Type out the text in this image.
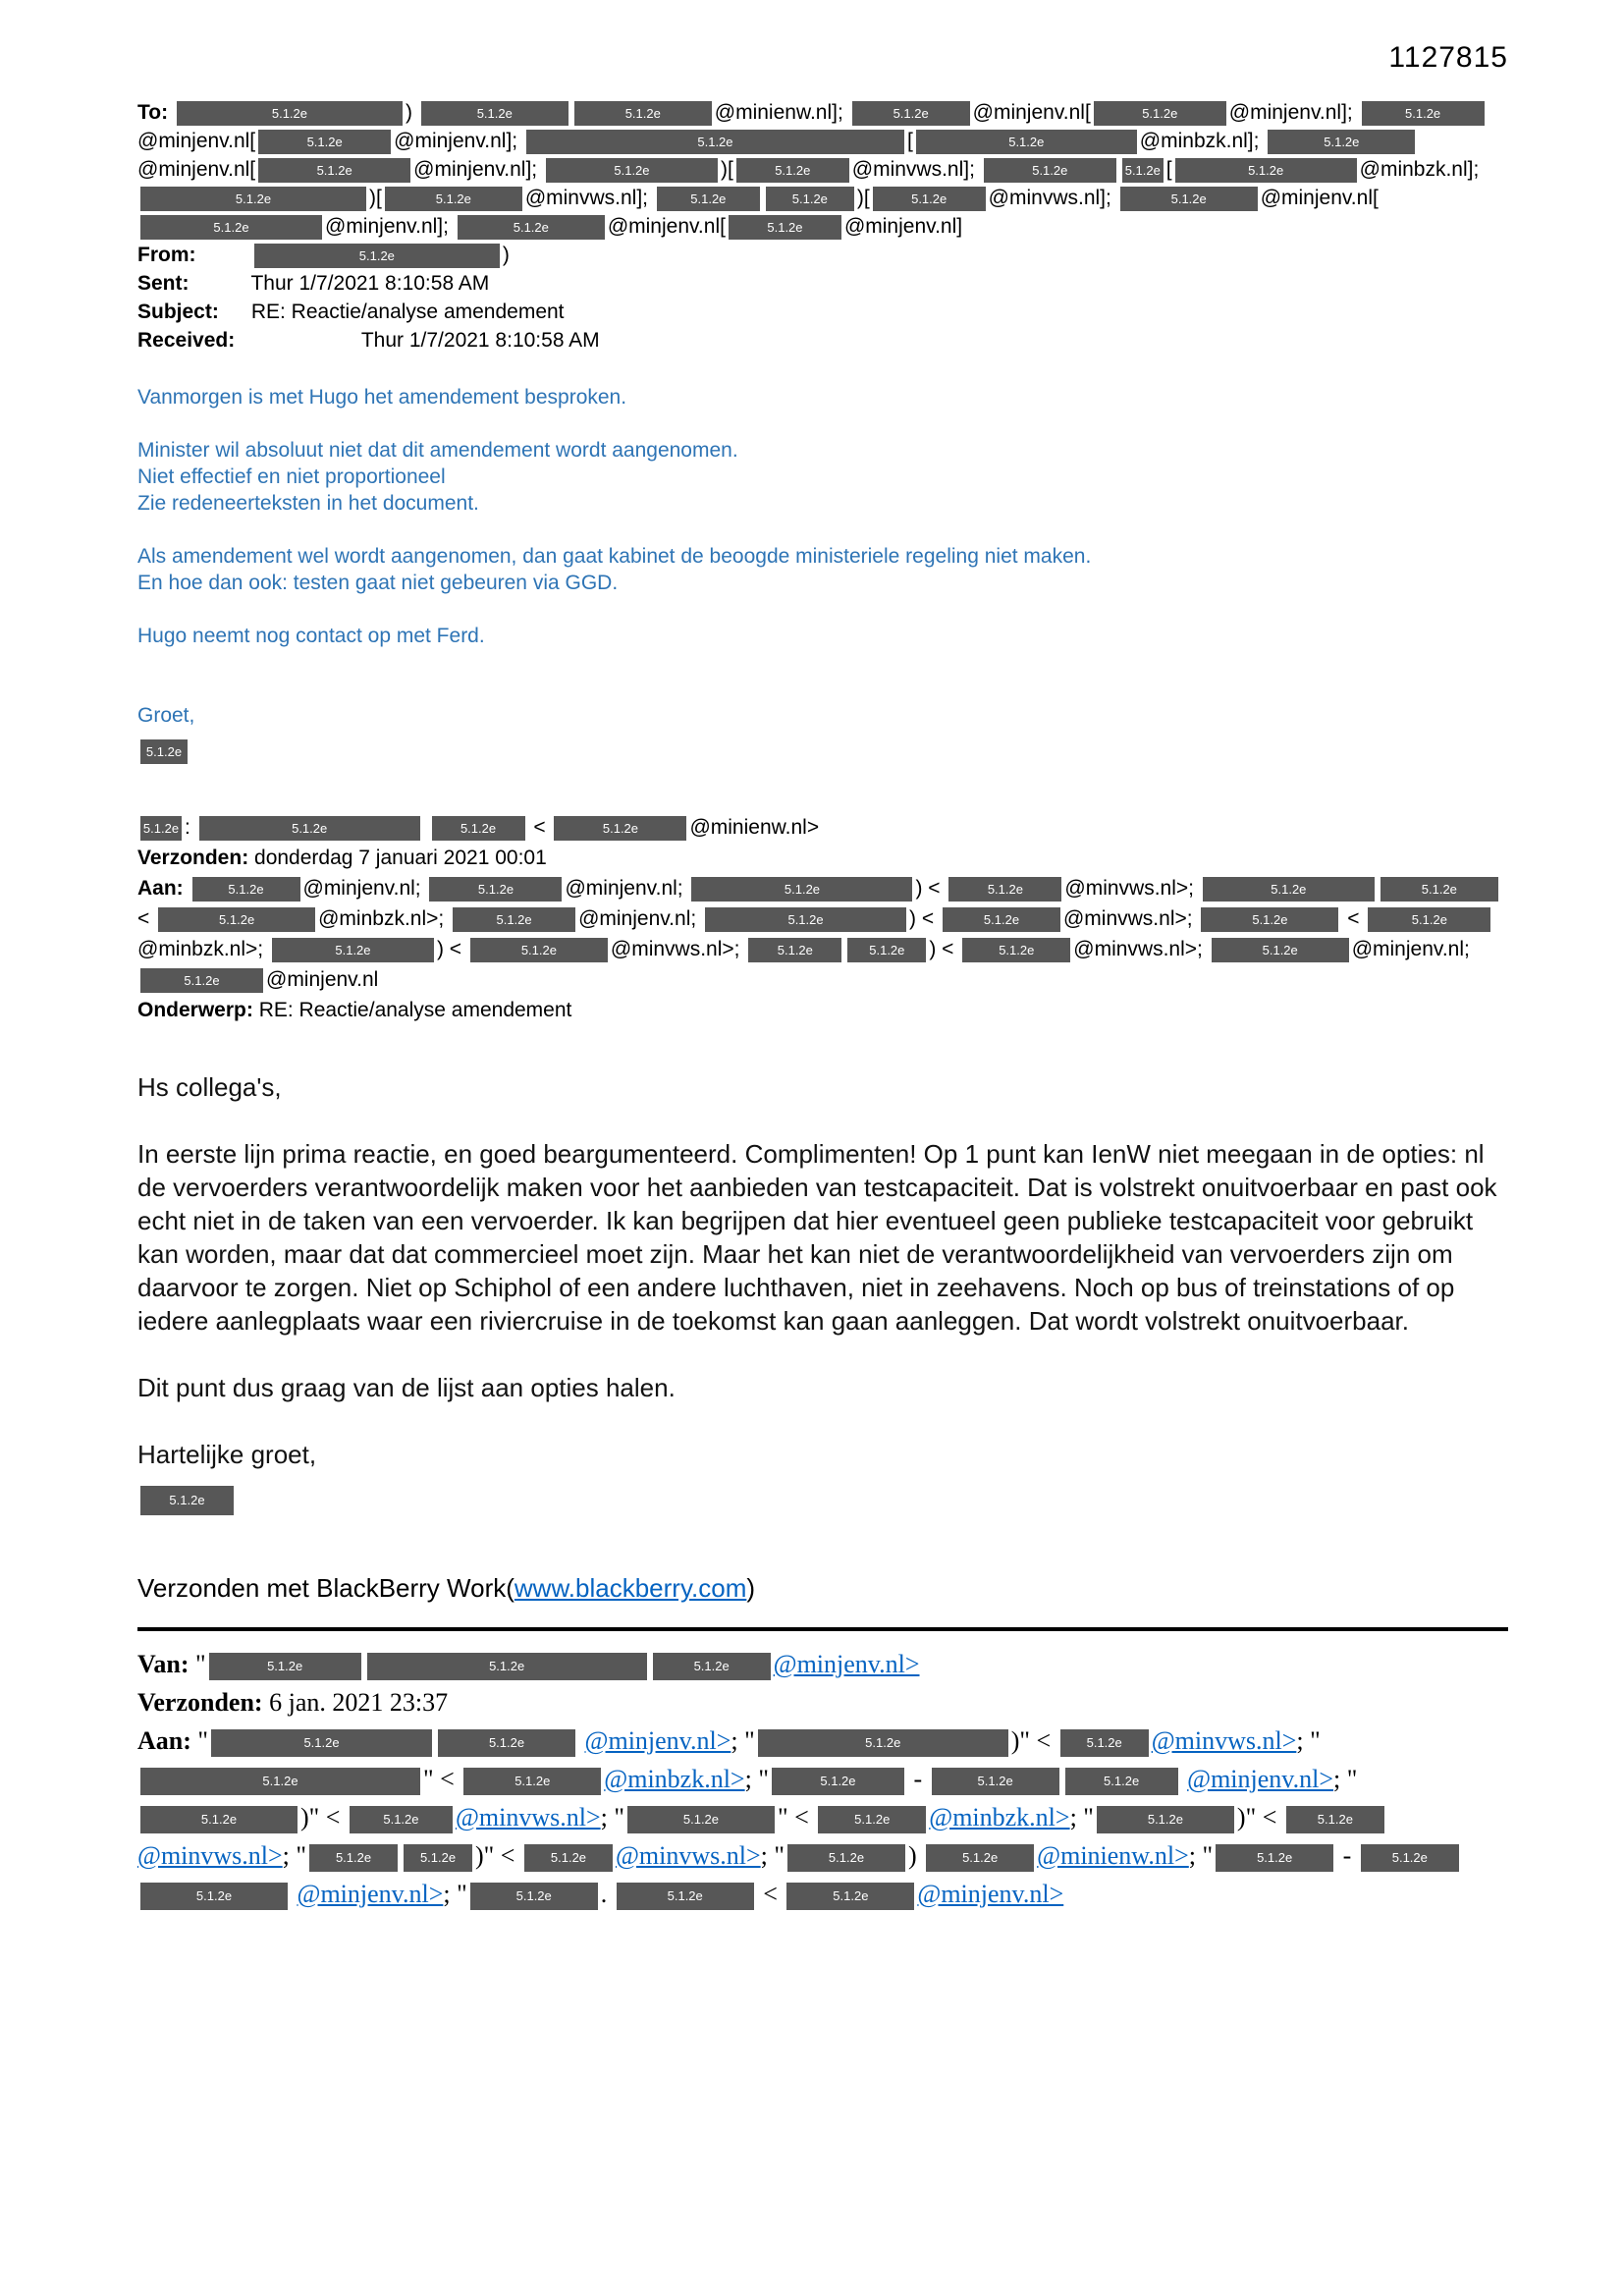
1127815
To:	5.1.2e	)	5.1.2e	5.1.2e	@minienw.nl];	5.1.2e @minjenv.nl[	5.1.2e @minjenv.nl];	5.1.2e@minjenv.nl[	5.1.2e @minjenv.nl];	5.1.2e	[	5.1.2e	@minbzk.nl];	5.1.2e@minjenv.nl[	5.1.2e	@minjenv.nl];	5.1.2e	)[	5.1.2e @minvws.nl];	5.1.2e	5.1.2e [	5.1.2e	@minbzk.nl]; 5.1.2e	)[	5.1.2e	@minvws.nl];	5.1.2e	5.1.2e )[	5.1.2e @minvws.nl];	5.1.2e	@minjenv.nl[5.1.2e	@minjenv.nl];	5.1.2e	@minjenv.nl[	5.1.2e @minjenv.nl]
From:	5.1.2e	)
Sent:	Thur 1/7/2021 8:10:58 AM
Subject: RE: Reactie/analyse amendement
Received:	Thur 1/7/2021 8:10:58 AM
Vanmorgen is met Hugo het amendement besproken.

Minister wil absoluut niet dat dit amendement wordt aangenomen.
Niet effectief en niet proportioneel
Zie redeneerteksten in het document.

Als amendement wel wordt aangenomen, dan gaat kabinet de beoogde ministeriele regeling niet maken.
En hoe dan ook: testen gaat niet gebeuren via GGD.

Hugo neemt nog contact op met Ferd.

Groet,
5.1.2e
5.1.2e :	5.1.2e	5.1.2e <	5.1.2e @minienw.nl>
Verzonden: donderdag 7 januari 2021 00:01
Aan:	5.1.2e @minjenv.nl;	5.1.2e @minjenv.nl;	5.1.2e	) <	5.1.2e @minvws.nl>;	5.1.2e	5.1.2e <	5.1.2e	@minbzk.nl>;	5.1.2e @minjenv.nl;	5.1.2e	) <	5.1.2e @minvws.nl>;	5.1.2e	<	5.1.2e@minbzk.nl>;	5.1.2e	) <	5.1.2e	@minvws.nl>; 5.1.2e	5.1.2e ) <	5.1.2e @minvws.nl>;	5.1.2e	@minjenv.nl; 5.1.2e @minjenv.nl
Onderwerp: RE: Reactie/analyse amendement
Hs collega's,

In eerste lijn prima reactie, en goed beargumenteerd. Complimenten! Op 1 punt kan IenW niet meegaan in de opties: nl de vervoerders verantwoordelijk maken voor het aanbieden van testcapaciteit. Dat is volstrekt onuitvoerbaar en past ook echt niet in de taken van een vervoerder. Ik kan begrijpen dat hier eventueel geen publieke testcapaciteit voor gebruikt kan worden, maar dat dat commercieel moet zijn. Maar het kan niet de verantwoordelijkheid van vervoerders zijn om daarvoor te zorgen. Niet op Schiphol of een andere luchthaven, niet in zeehavens. Noch op bus of treinstations of op iedere aanlegplaats waar een riviercruise in de toekomst kan gaan aanleggen. Dat wordt volstrekt onuitvoerbaar.

Dit punt dus graag van de lijst aan opties halen.

Hartelijke groet,
5.1.2e
Verzonden met BlackBerry Work(www.blackberry.com)
Van: "	5.1.2e	5.1.2e	5.1.2e @minjenv.nl>
Verzonden: 6 jan. 2021 23:37
Aan: "	5.1.2e	5.1.2e @minjenv.nl>; "	5.1.2e	)" < 5.1.2e @minvws.nl>; "5.1.2e	" <	5.1.2e @minbzk.nl>; "	5.1.2e -	5.1.2e	5.1.2e @minjenv.nl>; "5.1.2e )" <	5.1.2e @minvws.nl>; "	5.1.2e " <	5.1.2e @minbzk.nl>; "	5.1.2e )" <	5.1.2e@minvws.nl>; " 5.1.2e	5.1.2e )" < 5.1.2e @minvws.nl>; "	5.1.2e )	5.1.2e @minienw.nl>; "	5.1.2e -	5.1.2e5.1.2e	@minjenv.nl>; "	5.1.2e .	5.1.2e <	5.1.2e @minjenv.nl>
